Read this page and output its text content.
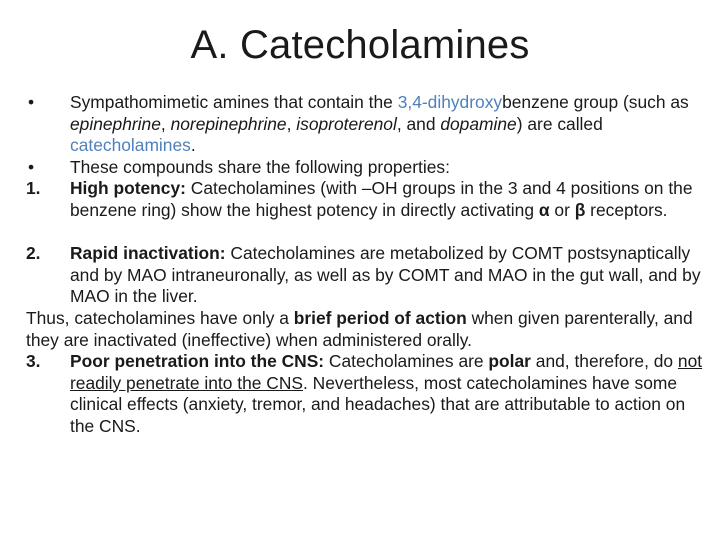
A. Catecholamines
•	Sympathomimetic amines that contain the 3,4-dihydroxybenzene group (such as epinephrine, norepinephrine, isoproterenol, and dopamine) are called catecholamines.
•	These compounds share the following properties:
1.	High potency: Catecholamines (with –OH groups in the 3 and 4 positions on the benzene ring) show the highest potency in directly activating α or β receptors.
2.	Rapid inactivation: Catecholamines are metabolized by COMT postsynaptically and by MAO intraneuronally, as well as by COMT and MAO in the gut wall, and by MAO in the liver.
Thus, catecholamines have only a brief period of action when given parenterally, and they are inactivated (ineffective) when administered orally.
3.	Poor penetration into the CNS: Catecholamines are polar and, therefore, do not readily penetrate into the CNS. Nevertheless, most catecholamines have some clinical effects (anxiety, tremor, and headaches) that are attributable to action on the CNS.
